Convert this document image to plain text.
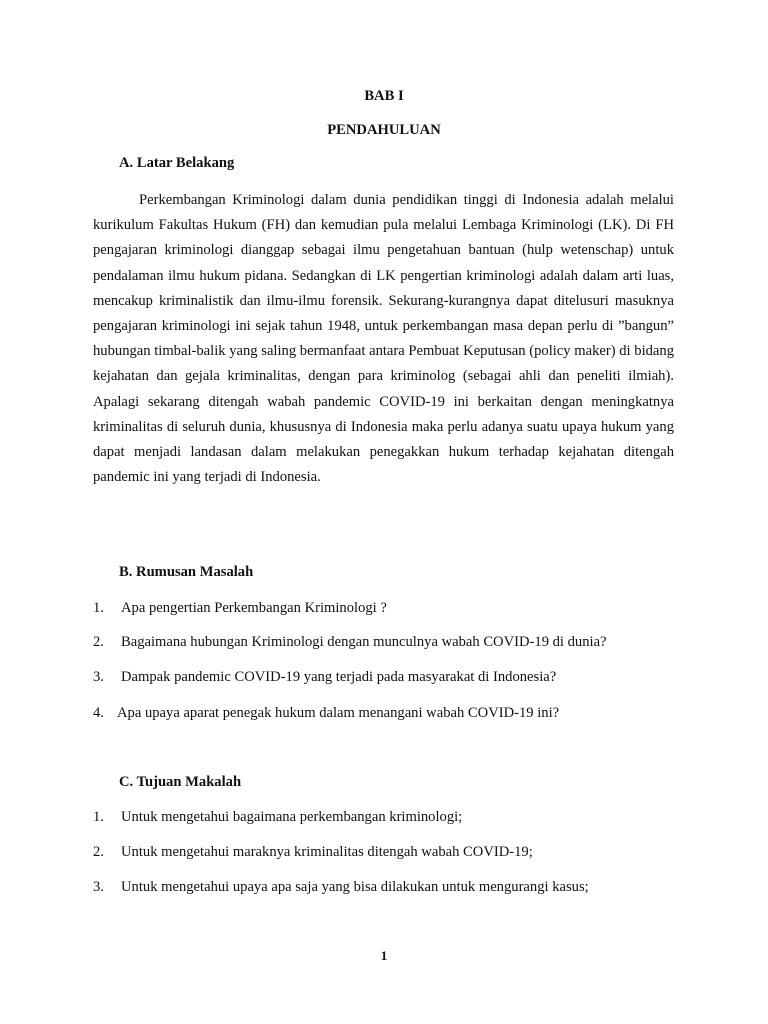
BAB I
PENDAHULUAN
A. Latar Belakang

Perkembangan Kriminologi dalam dunia pendidikan tinggi di Indonesia adalah melalui kurikulum Fakultas Hukum (FH) dan kemudian pula melalui Lembaga Kriminologi (LK). Di FH pengajaran kriminologi dianggap sebagai ilmu pengetahuan bantuan (hulp wetenschap) untuk pendalaman ilmu hukum pidana. Sedangkan di LK pengertian kriminologi adalah dalam arti luas, mencakup kriminalistik dan ilmu-ilmu forensik. Sekurang-kurangnya dapat ditelusuri masuknya pengajaran kriminologi ini sejak tahun 1948, untuk perkembangan masa depan perlu di ”bangun” hubungan timbal-balik yang saling bermanfaat antara Pembuat Keputusan (policy maker) di bidang kejahatan dan gejala kriminalitas, dengan para kriminolog (sebagai ahli dan peneliti ilmiah). Apalagi sekarang ditengah wabah pandemic COVID-19 ini berkaitan dengan meningkatnya kriminalitas di seluruh dunia, khususnya di Indonesia maka perlu adanya suatu upaya hukum yang dapat menjadi landasan dalam melakukan penegakkan hukum terhadap kejahatan ditengah pandemic ini yang terjadi di Indonesia.

B. Rumusan Masalah
1. Apa pengertian Perkembangan Kriminologi ?
2. Bagaimana hubungan Kriminologi dengan munculnya wabah COVID-19 di dunia?
3. Dampak pandemic COVID-19 yang terjadi pada masyarakat di Indonesia?
4. Apa upaya aparat penegak hukum dalam menangani wabah COVID-19 ini?
C. Tujuan Makalah
1. Untuk mengetahui bagaimana perkembangan kriminologi;
2. Untuk mengetahui maraknya kriminalitas ditengah wabah COVID-19;
3. Untuk mengetahui upaya apa saja yang bisa dilakukan untuk mengurangi kasus;
1
